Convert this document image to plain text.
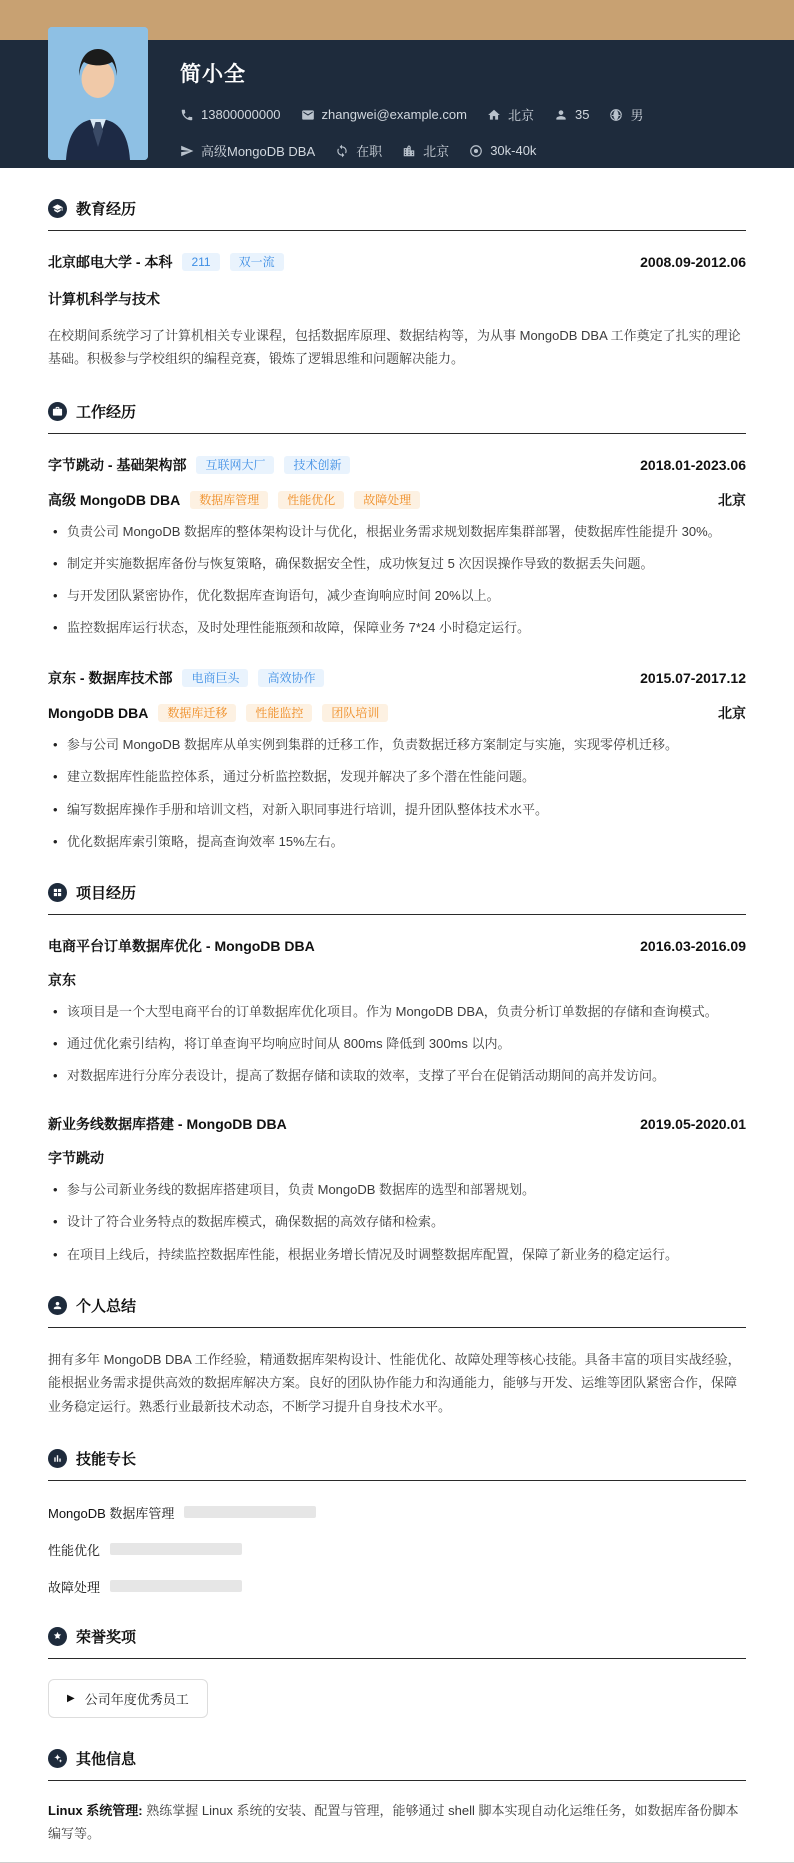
简小全
13800000000	zhangwei@example.com	北京	35	男
高级MongoDB DBA	在职	北京	30k-40k
教育经历
北京邮电大学 - 本科	211	双一流	2008.09-2012.06
计算机科学与技术

在校期间系统学习了计算机相关专业课程，包括数据库原理、数据结构等，为从事 MongoDB DBA 工作奠定了扎实的理论基础。积极参与学校组织的编程竞赛，锻炼了逻辑思维和问题解决能力。

工作经历
字节跳动 - 基础架构部	互联网大厂	技术创新	2018.01-2023.06
高级 MongoDB DBA	数据库管理	性能优化	故障处理	北京
• 负责公司 MongoDB 数据库的整体架构设计与优化，根据业务需求规划数据库集群部署，使数据库性能提升 30%。
• 制定并实施数据库备份与恢复策略，确保数据安全性，成功恢复过 5 次因误操作导致的数据丢失问题。
• 与开发团队紧密协作，优化数据库查询语句，减少查询响应时间 20%以上。
• 监控数据库运行状态，及时处理性能瓶颈和故障，保障业务 7*24 小时稳定运行。
京东 - 数据库技术部	电商巨头	高效协作	2015.07-2017.12
MongoDB DBA	数据库迁移	性能监控	团队培训	北京
• 参与公司 MongoDB 数据库从单实例到集群的迁移工作，负责数据迁移方案制定与实施，实现零停机迁移。
• 建立数据库性能监控体系，通过分析监控数据，发现并解决了多个潜在性能问题。
• 编写数据库操作手册和培训文档，对新入职同事进行培训，提升团队整体技术水平。
• 优化数据库索引策略，提高查询效率 15%左右。
项目经历
电商平台订单数据库优化 - MongoDB DBA	2016.03-2016.09
京东
• 该项目是一个大型电商平台的订单数据库优化项目。作为 MongoDB DBA，负责分析订单数据的存储和查询模式。
• 通过优化索引结构，将订单查询平均响应时间从 800ms 降低到 300ms 以内。
• 对数据库进行分库分表设计，提高了数据存储和读取的效率，支撑了平台在促销活动期间的高并发访问。
新业务线数据库搭建 - MongoDB DBA	2019.05-2020.01
字节跳动
• 参与公司新业务线的数据库搭建项目，负责 MongoDB 数据库的选型和部署规划。
• 设计了符合业务特点的数据库模式，确保数据的高效存储和检索。
• 在项目上线后，持续监控数据库性能，根据业务增长情况及时调整数据库配置，保障了新业务的稳定运行。
个人总结

拥有多年 MongoDB DBA 工作经验，精通数据库架构设计、性能优化、故障处理等核心技能。具备丰富的项目实战经验，能根据业务需求提供高效的数据库解决方案。良好的团队协作能力和沟通能力，能够与开发、运维等团队紧密合作，保障业务稳定运行。熟悉行业最新技术动态，不断学习提升自身技术水平。

技能专长
MongoDB 数据库管理
性能优化
故障处理
荣誉奖项
▶ 公司年度优秀员工
其他信息

Linux 系统管理: 熟练掌握 Linux 系统的安装、配置与管理，能够通过 shell 脚本实现自动化运维任务，如数据库备份脚本编写等。
